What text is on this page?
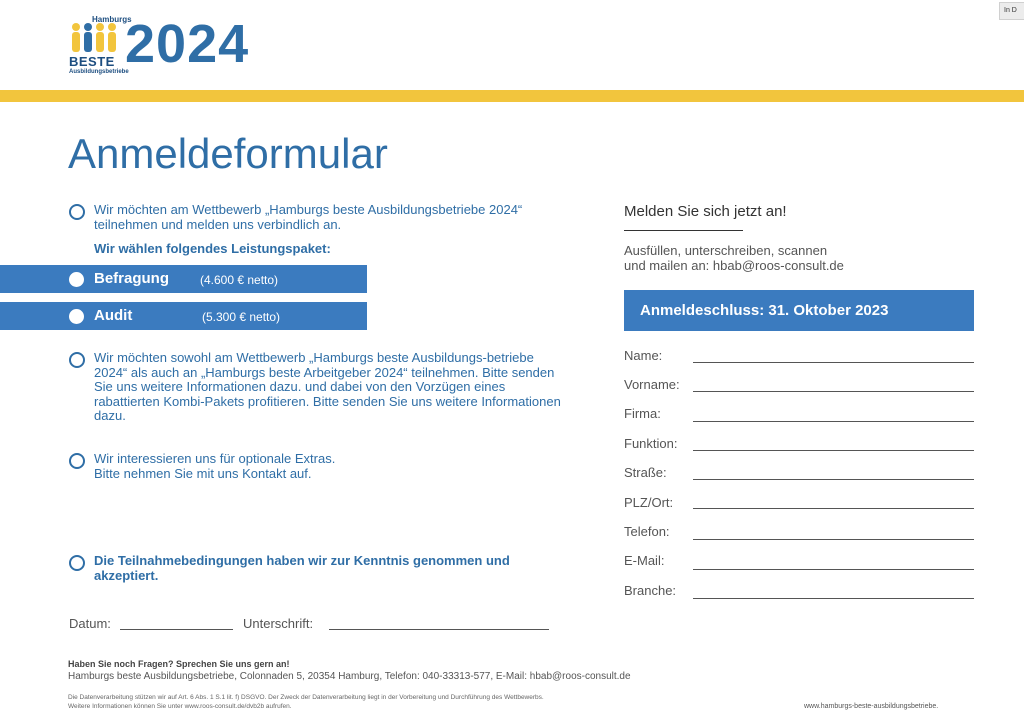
Hamburgs
BESTE
Ausbildungsbetriebe
2024
In D
Anmeldeformular
Wir möchten am Wettbewerb „Hamburgs beste Ausbildungsbetriebe 2024“ teilnehmen und melden uns verbindlich an.
Wir wählen folgendes Leistungspaket:
Befragung	(4.600 € netto)
Audit	(5.300 € netto)
Wir möchten sowohl am Wettbewerb „Hamburgs beste Ausbildungs-betriebe 2024“ als auch an „Hamburgs beste Arbeitgeber 2024“ teilnehmen. Bitte senden Sie uns weitere Informationen dazu. und dabei von den Vorzügen eines rabattierten Kombi-Pakets profitieren. Bitte senden Sie uns weitere Informationen dazu.
Wir interessieren uns für optionale Extras. Bitte nehmen Sie mit uns Kontakt auf.
Die Teilnahmebedingungen haben wir zur Kenntnis genommen und akzeptiert.
Datum:	Unterschrift:
Melden Sie sich jetzt an!
Ausfüllen, unterschreiben, scannen
und mailen an: hbab@roos-consult.de
Anmeldeschluss: 31. Oktober 2023
Name:
Vorname:
Firma:
Funktion:
Straße:
PLZ/Ort:
Telefon:
E-Mail:
Branche:
Haben Sie noch Fragen? Sprechen Sie uns gern an!
Hamburgs beste Ausbildungsbetriebe, Colonnaden 5, 20354 Hamburg, Telefon: 040-33313-577, E-Mail: hbab@roos-consult.de
Die Datenverarbeitung stützen wir auf Art. 6 Abs. 1 S.1 lit. f) DSGVO. Der Zweck der Datenverarbeitung liegt in der Vorbereitung und Durchführung des Wettbewerbs.
Weitere Informationen können Sie unter www.roos-consult.de/dvb2b aufrufen.	www.hamburgs-beste-ausbildungsbetriebe.
